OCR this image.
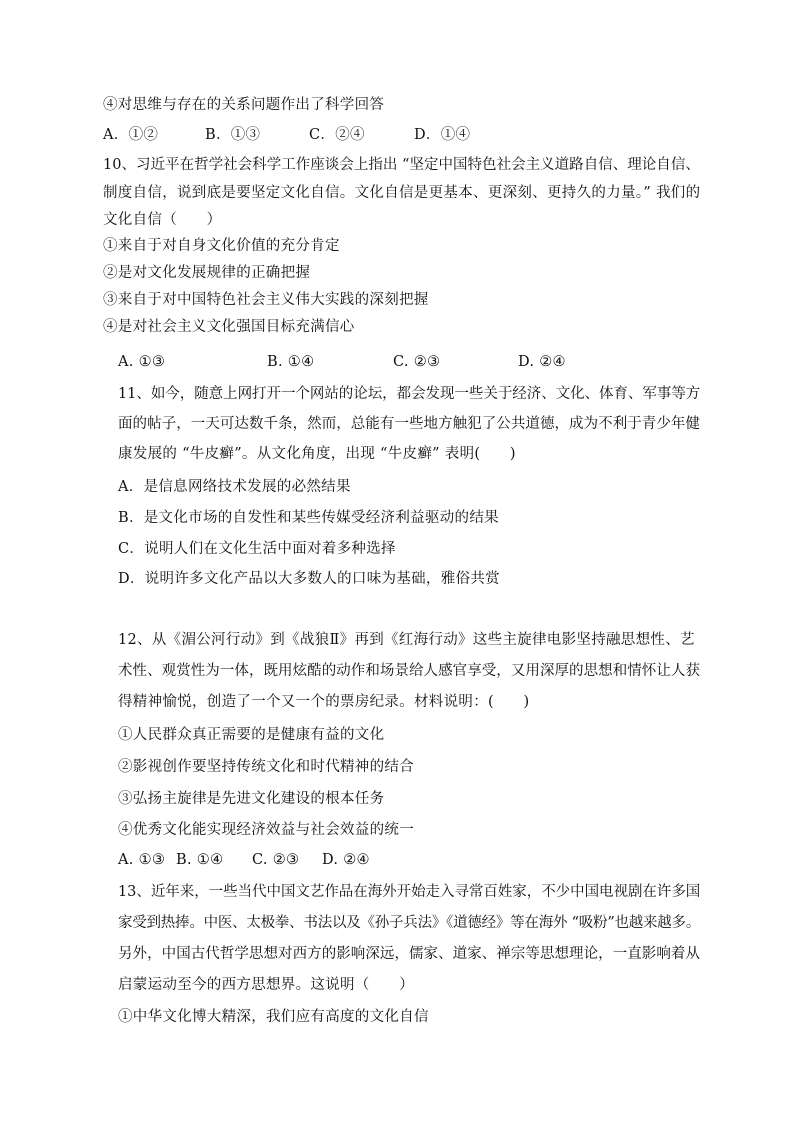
④对思维与存在的关系问题作出了科学回答
A．①②	B．①③	C．②④	D．①④
10、习近平在哲学社会科学工作座谈会上指出 “坚定中国特色社会主义道路自信、理论自信、
制度自信，说到底是要坚定文化自信。文化自信是更基本、更深刻、更持久的力量。” 我们的
文化自信（　　）
①来自于对自身文化价值的充分肯定
②是对文化发展规律的正确把握
③来自于对中国特色社会主义伟大实践的深刻把握
④是对社会主义文化强国目标充满信心
A. ①③	B. ①④	C. ②③	D. ②④
11、如今，随意上网打开一个网站的论坛，都会发现一些关于经济、文化、体育、军事等方
面的帖子，一天可达数千条，然而，总能有一些地方触犯了公共道德，成为不利于青少年健
康发展的 “牛皮癣”。从文化角度，出现 “牛皮癣” 表明(　　)
A．是信息网络技术发展的必然结果
B．是文化市场的自发性和某些传媒受经济利益驱动的结果
C．说明人们在文化生活中面对着多种选择
D．说明许多文化产品以大多数人的口味为基础，雅俗共赏
12、从《湄公河行动》到《战狼Ⅱ》再到《红海行动》这些主旋律电影坚持融思想性、艺
术性、观赏性为一体，既用炫酷的动作和场景给人感官享受，又用深厚的思想和情怀让人获
得精神愉悦，创造了一个又一个的票房纪录。材料说明：(　　)
①人民群众真正需要的是健康有益的文化
②影视创作要坚持传统文化和时代精神的结合
③弘扬主旋律是先进文化建设的根本任务
④优秀文化能实现经济效益与社会效益的统一
A. ①③ B. ①④ C. ②③ D. ②④
13、近年来，一些当代中国文艺作品在海外开始走入寻常百姓家，不少中国电视剧在许多国
家受到热捧。中医、太极拳、书法以及《孙子兵法》《道德经》等在海外 “吸粉”也越来越多。
另外，中国古代哲学思想对西方的影响深远，儒家、道家、禅宗等思想理论，一直影响着从
启蒙运动至今的西方思想界。这说明（　　）
①中华文化博大精深，我们应有高度的文化自信
